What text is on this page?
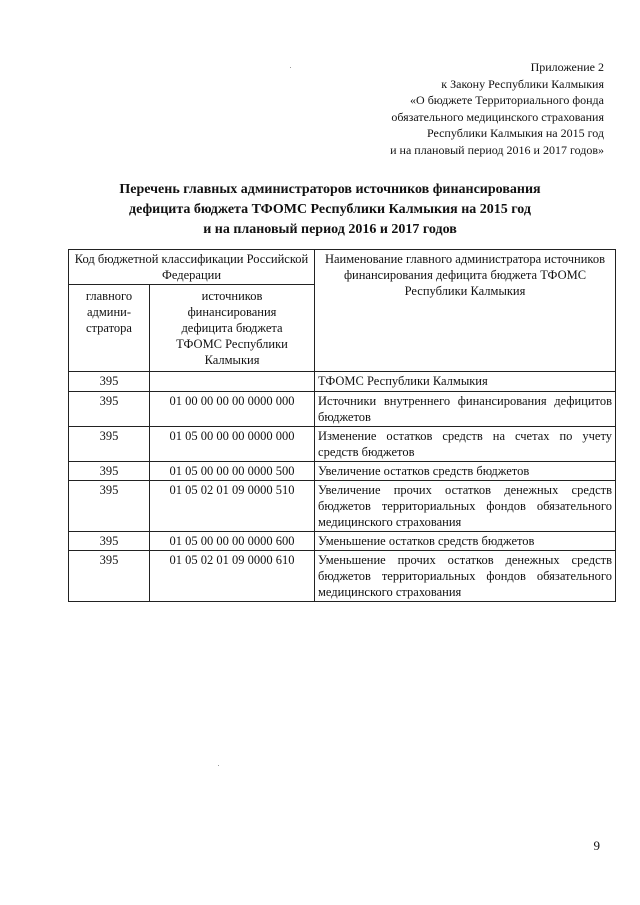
Приложение 2
к Закону Республики Калмыкия
«О бюджете Территориального фонда
обязательного медицинского страхования
Республики Калмыкия на 2015 год
и на плановый период 2016 и 2017 годов»
Перечень главных администраторов источников финансирования
дефицита бюджета ТФОМС Республики Калмыкия на 2015 год
и на плановый период 2016 и 2017 годов
Код бюджетной классификации Российской Федерации		Наименование главного администратора источников финансирования дефицита бюджета ТФОМС Республики Калмыкия
главного админи-стратора	источников финансирования дефицита бюджета ТФОМС Республики Калмыкия	
395		ТФОМС Республики Калмыкия
395	01 00 00 00 00 0000 000	Источники внутреннего финансирования дефицитов бюджетов
395	01 05 00 00 00 0000 000	Изменение остатков средств на счетах по учету средств бюджетов
395	01 05 00 00 00 0000 500	Увеличение остатков средств бюджетов
395	01 05 02 01 09 0000 510	Увеличение прочих остатков денежных средств бюджетов территориальных фондов обязательного медицинского страхования
395	01 05 00 00 00 0000 600	Уменьшение остатков средств бюджетов
395	01 05 02 01 09 0000 610	Уменьшение прочих остатков денежных средств бюджетов территориальных фондов обязательного медицинского страхования
9
